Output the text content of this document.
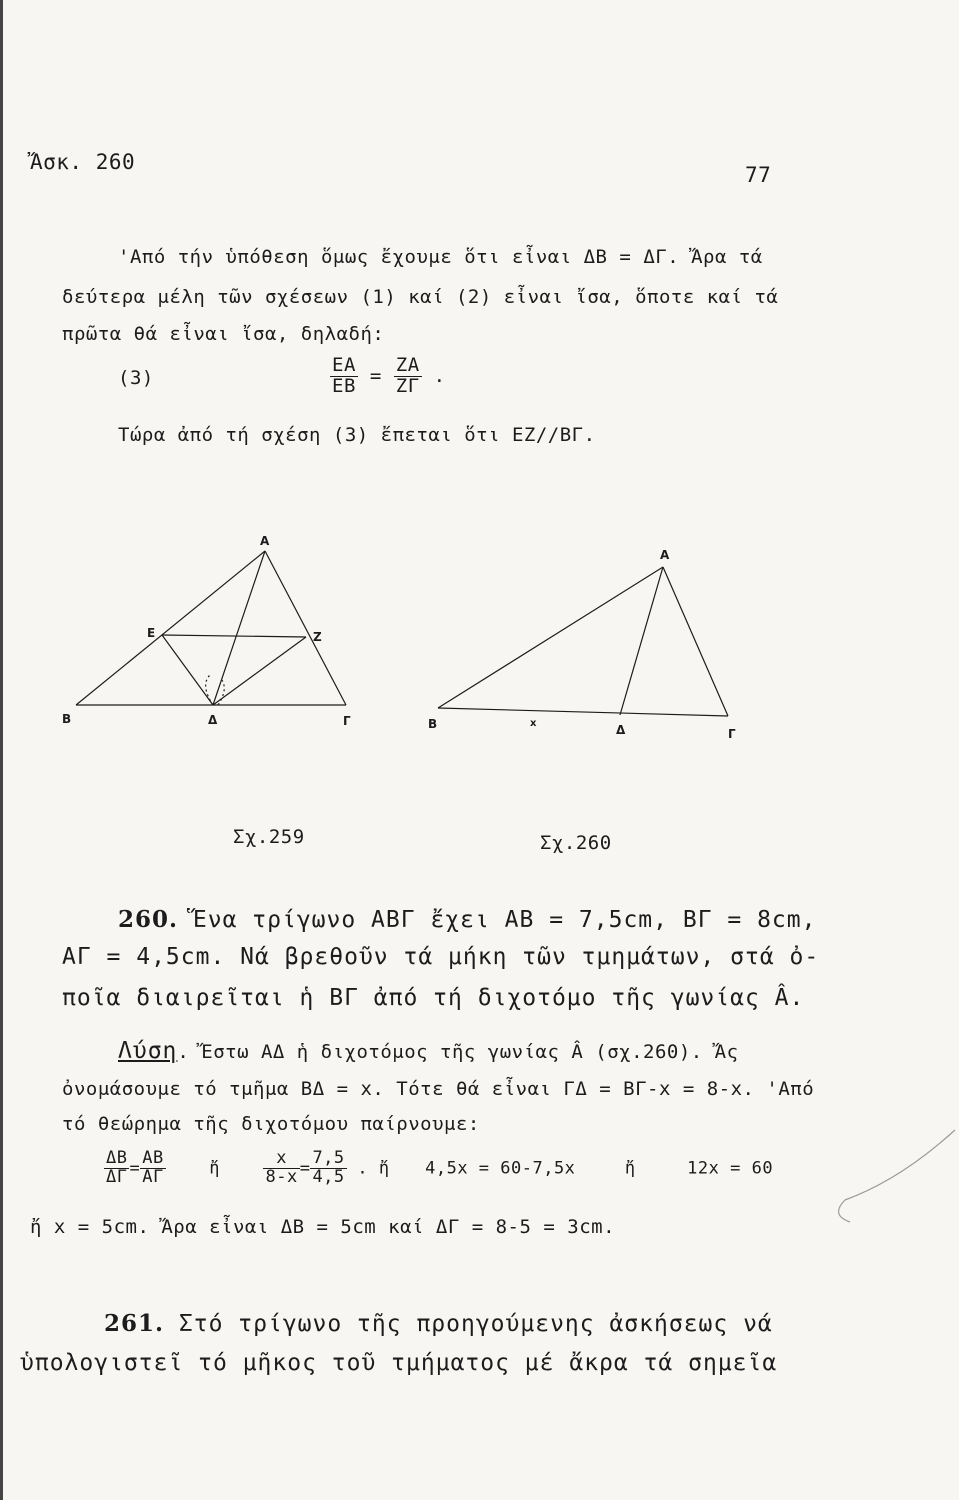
Ἄσκ. 260
77
'Από τήν ὑπόθεση ὅμως ἔχουμε ὅτι εἶναι ΔΒ = ΔΓ. Ἄρα τά
δεύτερα μέλη τῶν σχέσεων (1) καί (2) εἶναι ἴσα, ὅποτε καί τά
πρῶτα θά εἶναι ἴσα, δηλαδή:
(3)	$\frac{EA}{EB} = \frac{ZA}{Z\Gamma}$ .
Τώρα ἀπό τή σχέση (3) ἔπεται ὅτι ΕΖ//ΒΓ.
Α
Β	Γ
Δ
Ε	Ζ
Α
Β
Γ
Δ
x
Σχ.259	Σχ.260
260. Ἕνα τρίγωνο ΑΒΓ ἔχει ΑΒ = 7,5cm, ΒΓ = 8cm,
ΑΓ = 4,5cm. Νά βρεθοῦν τά μήκη τῶν τμημάτων, στά ὀ-
ποῖα διαιρεῖται ἡ ΒΓ ἀπό τή διχοτόμο τῆς γωνίας Â.
Λύση. Ἔστω ΑΔ ἡ διχοτόμος τῆς γωνίας Â (σχ.260). Ἄς
ὀνομάσουμε τό τμῆμα ΒΔ = x. Τότε θά εἶναι ΓΔ = ΒΓ-x = 8-x. 'Από
τό θεώρημα τῆς διχοτόμου παίρνουμε:
$\frac{\Delta B}{\Delta\Gamma} = \frac{AB}{A\Gamma}$	ἤ	$\frac{x}{8-x} = \frac{7,5}{4,5}$ . ἤ 4,5x = 60-7,5x	ἤ	12x = 60
ἤ x = 5cm. Ἄρα εἶναι ΔΒ = 5cm καί ΔΓ = 8-5 = 3cm.
261. Στό τρίγωνο τῆς προηγούμενης ἀσκήσεως νά
ὑπολογιστεῖ τό μῆκος τοῦ τμήματος μέ ἄκρα τά σημεῖα
